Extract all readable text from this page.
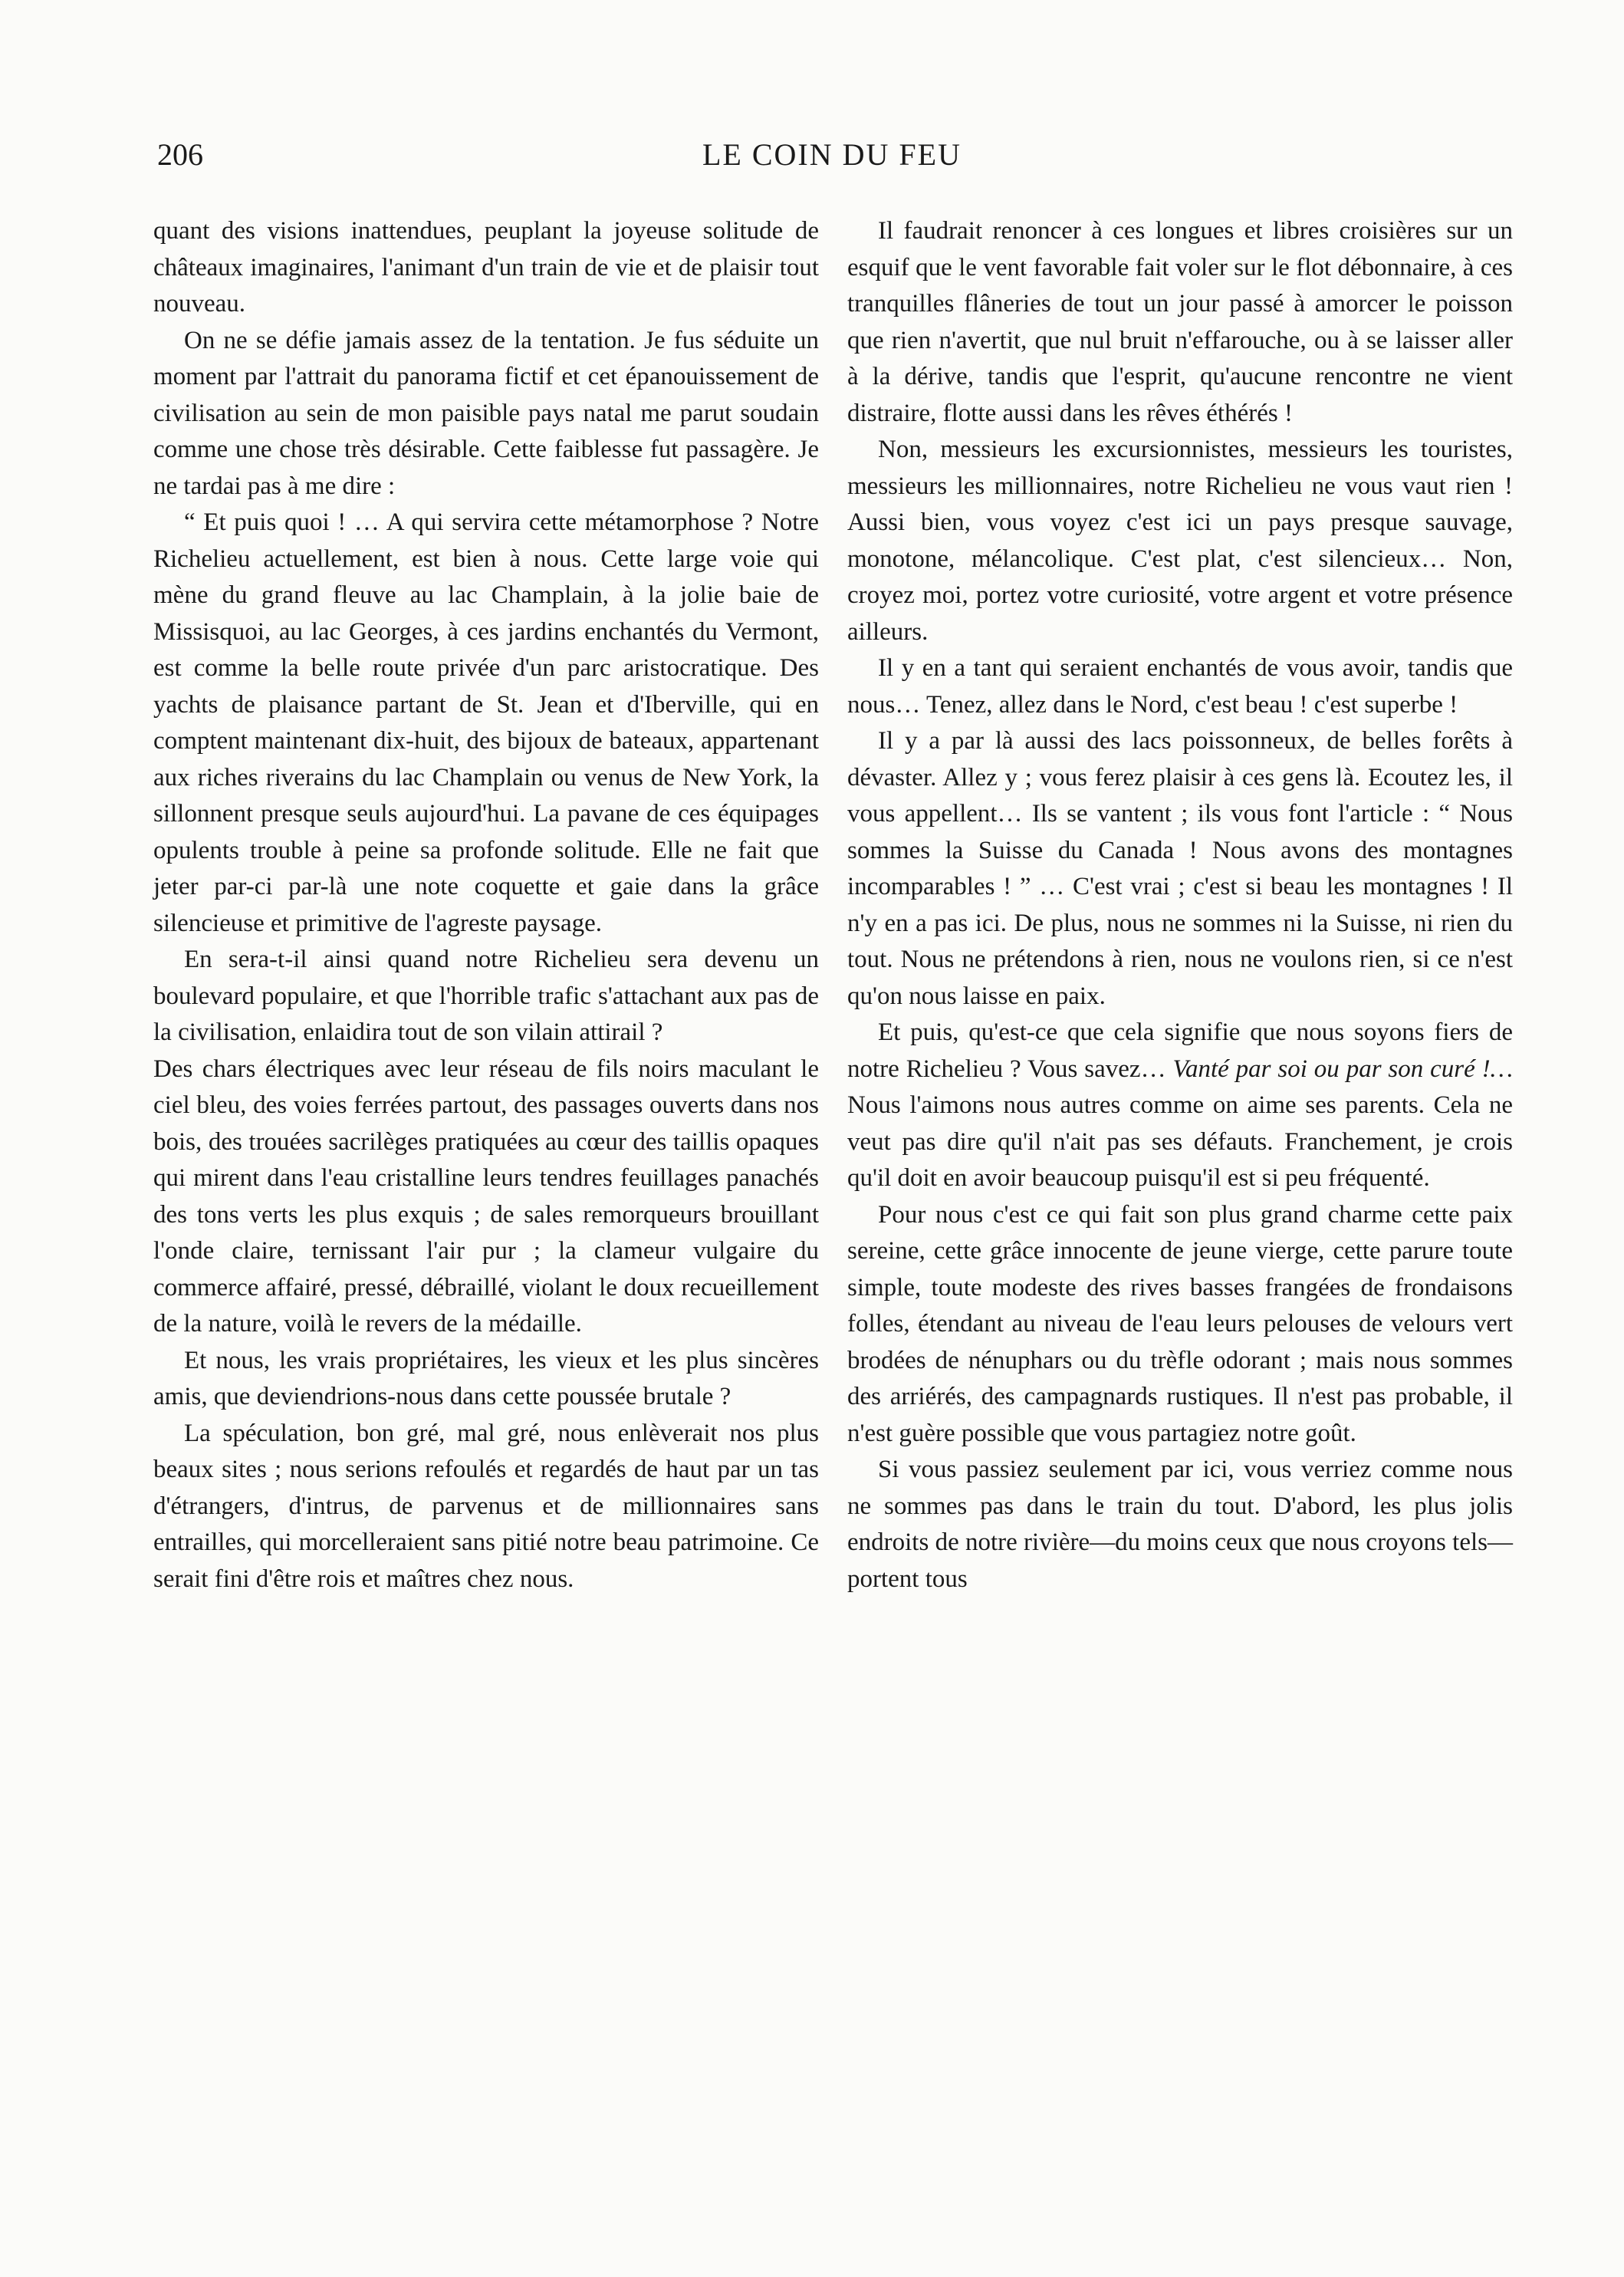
206	LE COIN DU FEU

quant des visions inattendues, peuplant la joyeuse solitude de châteaux imaginaires, l'animant d'un train de vie et de plaisir tout nouveau.

On ne se défie jamais assez de la tentation. Je fus séduite un moment par l'attrait du panorama fictif et cet épanouissement de civilisation au sein de mon paisible pays natal me parut soudain comme une chose très désirable. Cette faiblesse fut passagère. Je ne tardai pas à me dire :

“ Et puis quoi ! … A qui servira cette métamorphose ? Notre Richelieu actuellement, est bien à nous. Cette large voie qui mène du grand fleuve au lac Champlain, à la jolie baie de Missisquoi, au lac Georges, à ces jardins enchantés du Vermont, est comme la belle route privée d'un parc aristocratique. Des yachts de plaisance partant de St. Jean et d'Iberville, qui en comptent maintenant dix-huit, des bijoux de bateaux, appartenant aux riches riverains du lac Champlain ou venus de New York, la sillonnent presque seuls aujourd'hui. La pavane de ces équipages opulents trouble à peine sa profonde solitude. Elle ne fait que jeter par-ci par-là une note coquette et gaie dans la grâce silencieuse et primitive de l'agreste paysage.

En sera-t-il ainsi quand notre Richelieu sera devenu un boulevard populaire, et que l'horrible trafic s'attachant aux pas de la civilisation, enlaidira tout de son vilain attirail ?

Des chars électriques avec leur réseau de fils noirs maculant le ciel bleu, des voies ferrées partout, des passages ouverts dans nos bois, des trouées sacrilèges pratiquées au cœur des taillis opaques qui mirent dans l'eau cristalline leurs tendres feuillages panachés des tons verts les plus exquis ; de sales remorqueurs brouillant l'onde claire, ternissant l'air pur ; la clameur vulgaire du commerce affairé, pressé, débraillé, violant le doux recueillement de la nature, voilà le revers de la médaille.

Et nous, les vrais propriétaires, les vieux et les plus sincères amis, que deviendrions-nous dans cette poussée brutale ?

La spéculation, bon gré, mal gré, nous enlèverait nos plus beaux sites ; nous serions refoulés et regardés de haut par un tas d'étrangers, d'intrus, de parvenus et de millionnaires sans entrailles, qui morcelleraient sans pitié notre beau patrimoine. Ce serait fini d'être rois et maîtres chez nous.

Il faudrait renoncer à ces longues et libres croisières sur un esquif que le vent favorable fait voler sur le flot débonnaire, à ces tranquilles flâneries de tout un jour passé à amorcer le poisson que rien n'avertit, que nul bruit n'effarouche, ou à se laisser aller à la dérive, tandis que l'esprit, qu'aucune rencontre ne vient distraire, flotte aussi dans les rêves éthérés !

Non, messieurs les excursionnistes, messieurs les touristes, messieurs les millionnaires, notre Richelieu ne vous vaut rien ! Aussi bien, vous voyez c'est ici un pays presque sauvage, monotone, mélancolique. C'est plat, c'est silencieux… Non, croyez moi, portez votre curiosité, votre argent et votre présence ailleurs.

Il y en a tant qui seraient enchantés de vous avoir, tandis que nous… Tenez, allez dans le Nord, c'est beau ! c'est superbe !

Il y a par là aussi des lacs poissonneux, de belles forêts à dévaster. Allez y ; vous ferez plaisir à ces gens là. Ecoutez les, il vous appellent… Ils se vantent ; ils vous font l'article : “ Nous sommes la Suisse du Canada ! Nous avons des montagnes incomparables ! ” … C'est vrai ; c'est si beau les montagnes ! Il n'y en a pas ici. De plus, nous ne sommes ni la Suisse, ni rien du tout. Nous ne prétendons à rien, nous ne voulons rien, si ce n'est qu'on nous laisse en paix.

Et puis, qu'est-ce que cela signifie que nous soyons fiers de notre Richelieu ? Vous savez… Vanté par soi ou par son curé !… Nous l'aimons nous autres comme on aime ses parents. Cela ne veut pas dire qu'il n'ait pas ses défauts. Franchement, je crois qu'il doit en avoir beaucoup puisqu'il est si peu fréquenté.

Pour nous c'est ce qui fait son plus grand charme cette paix sereine, cette grâce innocente de jeune vierge, cette parure toute simple, toute modeste des rives basses frangées de frondaisons folles, étendant au niveau de l'eau leurs pelouses de velours vert brodées de nénuphars ou du trèfle odorant ; mais nous sommes des arriérés, des campagnards rustiques. Il n'est pas probable, il n'est guère possible que vous partagiez notre goût.

Si vous passiez seulement par ici, vous verriez comme nous ne sommes pas dans le train du tout. D'abord, les plus jolis endroits de notre rivière—du moins ceux que nous croyons tels—portent tous
